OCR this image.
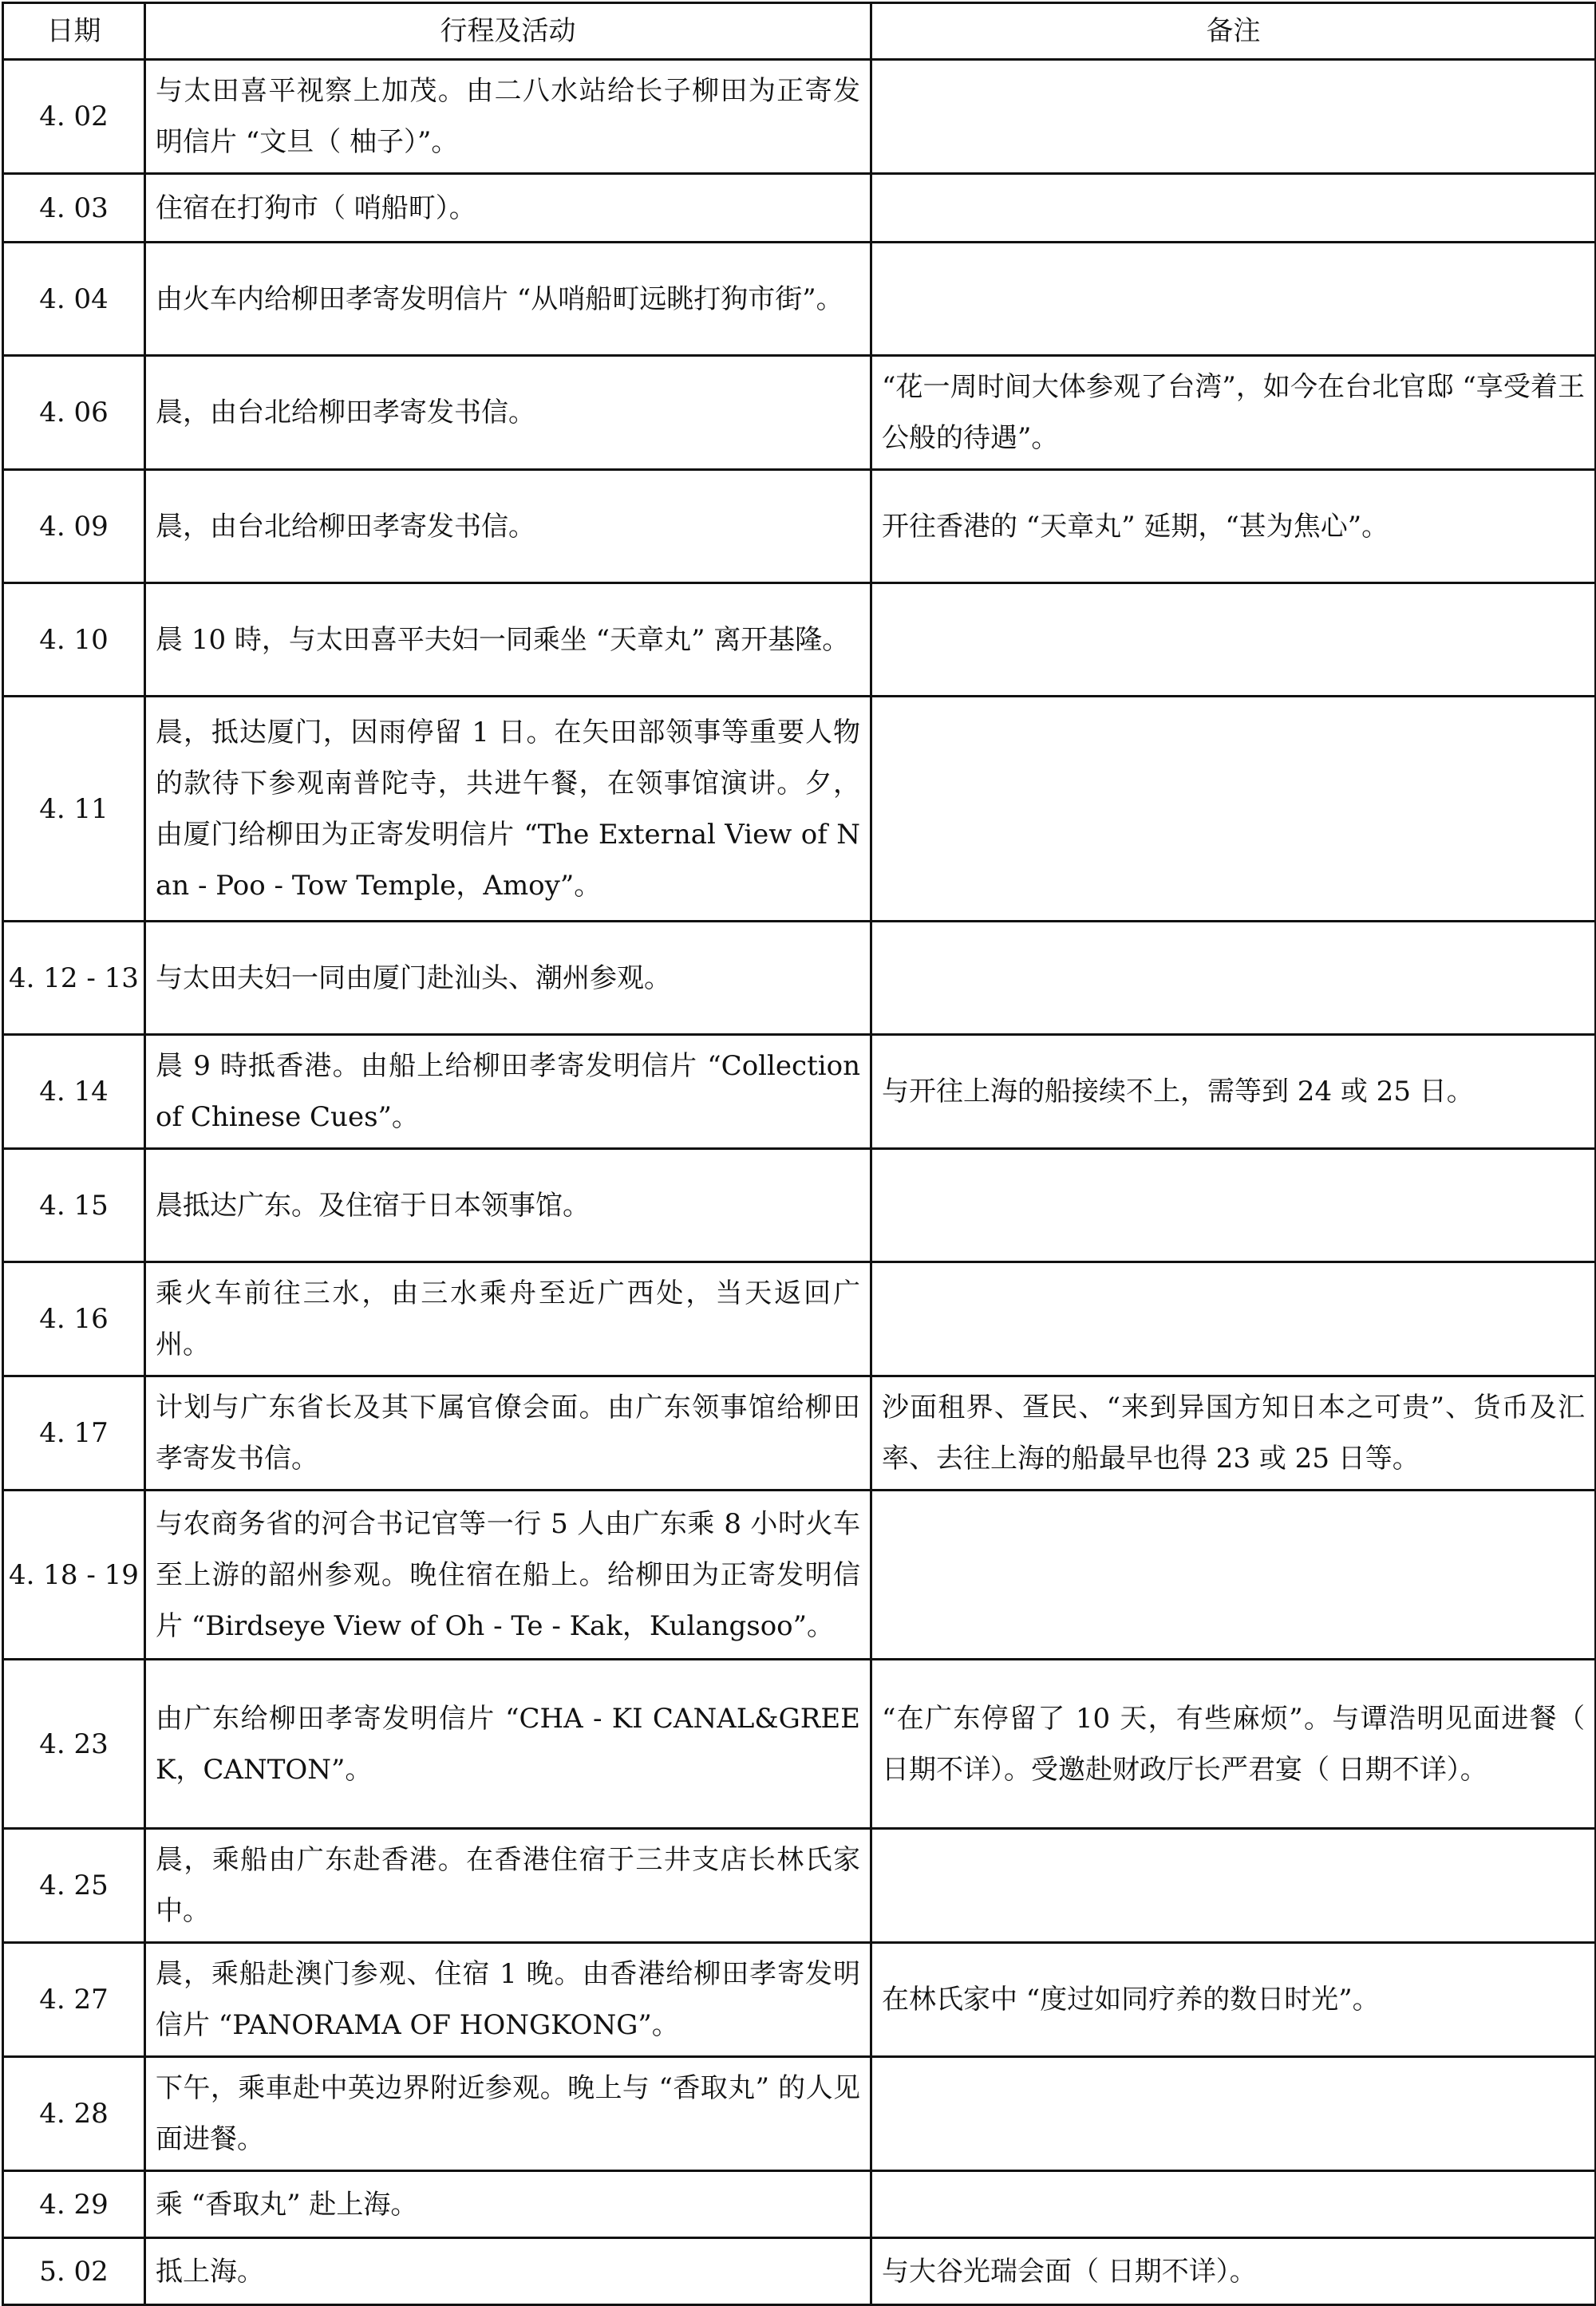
日期	行程及活动	备注
4. 02	与太田喜平视察上加茂。由二八水站给长子柳田为正寄发明信片 “文旦（ 柚子）”。	
4. 03	住宿在打狗市（ 哨船町）。	
4. 04	由火车内给柳田孝寄发明信片 “从哨船町远眺打狗市街”。	
4. 06	晨，由台北给柳田孝寄发书信。	“花一周时间大体参观了台湾”，如今在台北官邸 “享受着王公般的待遇”。
4. 09	晨，由台北给柳田孝寄发书信。	开往香港的 “天章丸” 延期，“甚为焦心”。
4. 10	晨 10 時，与太田喜平夫妇一同乘坐 “天章丸” 离开基隆。	
4. 11	晨，抵达厦门，因雨停留 1 日。在矢田部领事等重要人物的款待下参观南普陀寺，共进午餐，在领事馆演讲。夕，由厦门给柳田为正寄发明信片 “The External View of Nan - Poo - Tow Temple，Amoy”。	
4. 12 - 13	与太田夫妇一同由厦门赴汕头、潮州参观。	
4. 14	晨 9 時抵香港。由船上给柳田孝寄发明信片 “Collection of Chinese Cues”。	与开往上海的船接续不上，需等到 24 或 25 日。
4. 15	晨抵达广东。及住宿于日本领事馆。	
4. 16	乘火车前往三水，由三水乘舟至近广西处，当天返回广州。	
4. 17	计划与广东省长及其下属官僚会面。由广东领事馆给柳田孝寄发书信。	沙面租界、疍民、“来到异国方知日本之可贵”、货币及汇率、去往上海的船最早也得 23 或 25 日等。
4. 18 - 19	与农商务省的河合书记官等一行 5 人由广东乘 8 小时火车至上游的韶州参观。晚住宿在船上。给柳田为正寄发明信片 “Birdseye View of Oh - Te - Kak，Kulangsoo”。	
4. 23	由广东给柳田孝寄发明信片 “CHA - KI CANAL&GREEK，CANTON”。	“在广东停留了 10 天，有些麻烦”。与谭浩明见面进餐（ 日期不详）。受邀赴财政厅长严君宴（ 日期不详）。
4. 25	晨，乘船由广东赴香港。在香港住宿于三井支店长林氏家中。	
4. 27	晨，乘船赴澳门参观、住宿 1 晚。由香港给柳田孝寄发明信片 “PANORAMA OF HONGKONG”。	在林氏家中 “度过如同疗养的数日时光”。
4. 28	下午，乘車赴中英边界附近参观。晚上与 “香取丸” 的人见面进餐。	
4. 29	乘 “香取丸” 赴上海。	
5. 02	抵上海。	与大谷光瑞会面（ 日期不详）。
